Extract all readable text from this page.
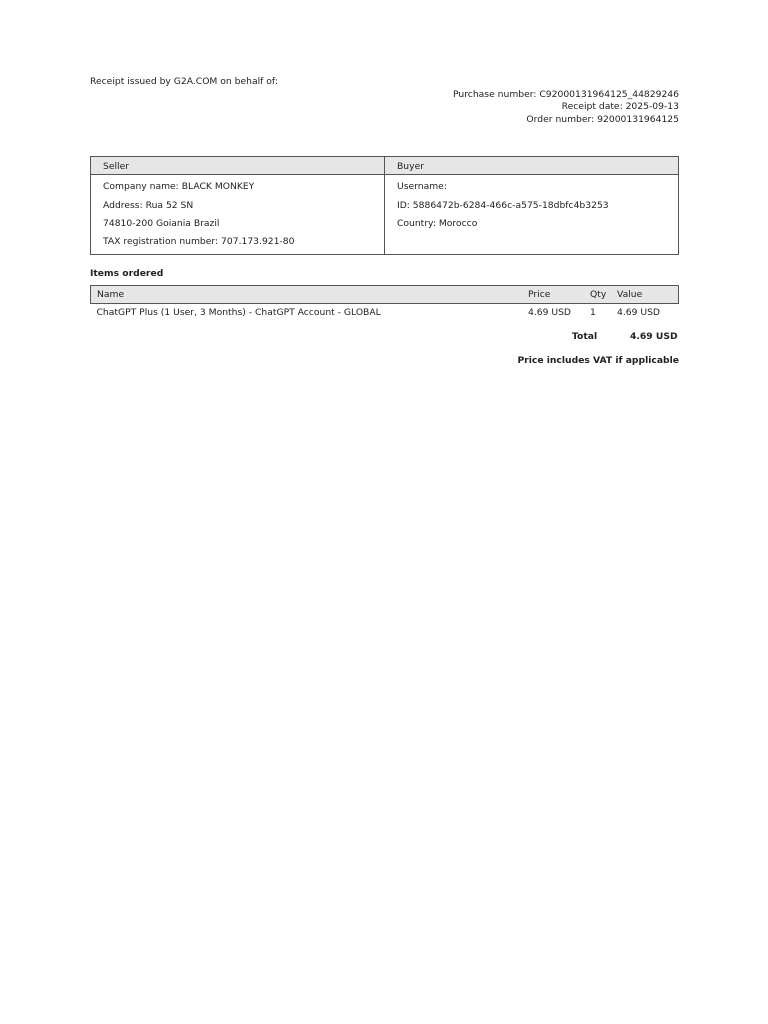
Receipt issued by G2A.COM on behalf of:
Purchase number: C92000131964125_44829246
Receipt date: 2025-09-13
Order number: 92000131964125
Seller
Company name: BLACK MONKEY
Address: Rua 52 SN
74810-200 Goiania Brazil
TAX registration number: 707.173.921-80
Buyer
Username:
ID: 5886472b-6284-466c-a575-18dbfc4b3253
Country: Morocco
Items ordered
Name	Price	Qty	Value
ChatGPT Plus (1 User, 3 Months) - ChatGPT Account - GLOBAL	4.69 USD	1	4.69 USD
Total	4.69 USD
Price includes VAT if applicable
